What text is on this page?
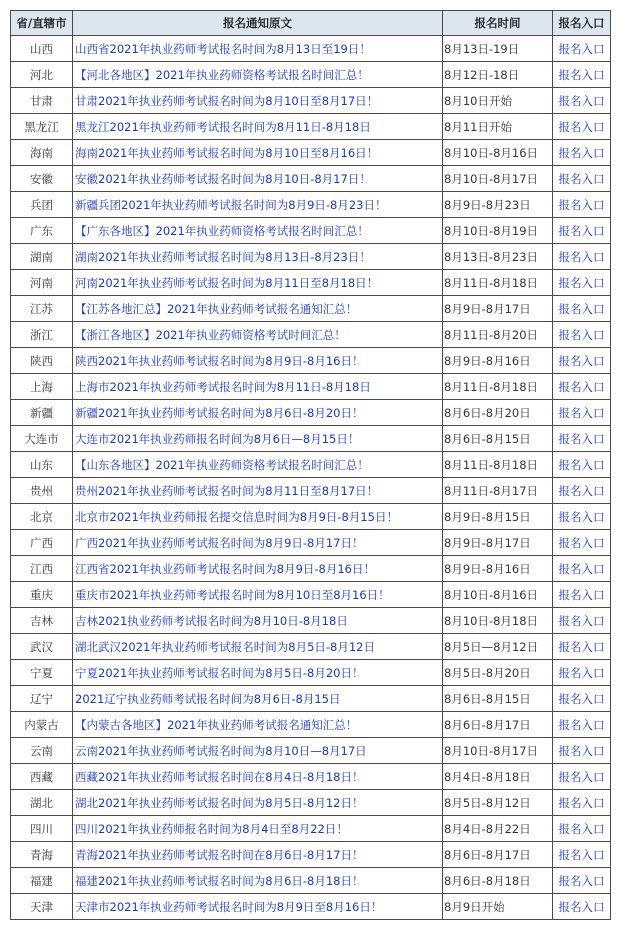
省/直辖市	报名通知原文	报名时间	报名入口
山西	山西省2021年执业药师考试报名时间为8月13日至19日！	8月13日-19日	报名入口
河北	【河北各地区】2021年执业药师资格考试报名时间汇总！	8月12日-18日	报名入口
甘肃	甘肃2021年执业药师考试报名时间为8月10日至8月17日！	8月10日开始	报名入口
黑龙江	黑龙江2021年执业药师考试报名时间为8月11日-8月18日	8月11日开始	报名入口
海南	海南2021年执业药师考试报名时间为8月10日至8月16日！	8月10日-8月16日	报名入口
安徽	安徽2021年执业药师考试报名时间为8月10日-8月17日！	8月10日-8月17日	报名入口
兵团	新疆兵团2021年执业药师考试报名时间为8月9日-8月23日！	8月9日-8月23日	报名入口
广东	【广东各地区】2021年执业药师资格考试报名时间汇总！	8月10日-8月19日	报名入口
湖南	湖南2021年执业药师考试报名时间为8月13日-8月23日！	8月13日-8月23日	报名入口
河南	河南2021年执业药师考试报名时间为8月11日至8月18日！	8月11日-8月18日	报名入口
江苏	【江苏各地汇总】2021年执业药师考试报名通知汇总！	8月9日-8月17日	报名入口
浙江	【浙江各地区】2021年执业药师资格考试时间汇总！	8月11日-8月20日	报名入口
陕西	陕西2021年执业药师考试报名时间为8月9日-8月16日！	8月9日-8月16日	报名入口
上海	上海市2021年执业药师考试报名时间为8月11日-8月18日	8月11日-8月18日	报名入口
新疆	新疆2021年执业药师考试报名时间为8月6日-8月20日！	8月6日-8月20日	报名入口
大连市	大连市2021年执业药师报名时间为8月6日—8月15日！	8月6日-8月15日	报名入口
山东	【山东各地区】2021年执业药师资格考试报名时间汇总！	8月11日-8月18日	报名入口
贵州	贵州2021年执业药师考试报名时间为8月11日至8月17日！	8月11日-8月17日	报名入口
北京	北京市2021年执业药师报名提交信息时间为8月9日-8月15日！	8月9日-8月15日	报名入口
广西	广西2021年执业药师考试报名时间为8月9日-8月17日！	8月9日-8月17日	报名入口
江西	江西省2021年执业药师考试报名时间为8月9日-8月16日！	8月9日-8月16日	报名入口
重庆	重庆市2021年执业药师考试报名时间为8月10日至8月16日！	8月10日-8月16日	报名入口
吉林	吉林2021执业药师考试报名时间为8月10日-8月18日	8月10日-8月18日	报名入口
武汉	湖北武汉2021年执业药师考试报名时间为8月5日-8月12日	8月5日—8月12日	报名入口
宁夏	宁夏2021年执业药师考试报名时间为8月5日-8月20日！	8月5日-8月20日	报名入口
辽宁	2021辽宁执业药师考试报名时间为8月6日-8月15日	8月6日-8月15日	报名入口
内蒙古	【内蒙古各地区】2021年执业药师考试报名通知汇总！	8月6日-8月17日	报名入口
云南	云南2021年执业药师考试报名时间为8月10日—8月17日	8月10日-8月17日	报名入口
西藏	西藏2021年执业药师考试报名时间在8月4日-8月18日！	8月4日-8月18日	报名入口
湖北	湖北2021年执业药师考试报名时间为8月5日-8月12日！	8月5日-8月12日	报名入口
四川	四川2021年执业药师报名时间为8月4日至8月22日！	8月4日-8月22日	报名入口
青海	青海2021年执业药师考试报名时间在8月6日-8月17日！	8月6日-8月17日	报名入口
福建	福建2021年执业药师考试报名时间为8月6日-8月18日！	8月6日-8月18日	报名入口
天津	天津市2021年执业药师考试报名时间为8月9日至8月16日！	8月9日开始	报名入口
